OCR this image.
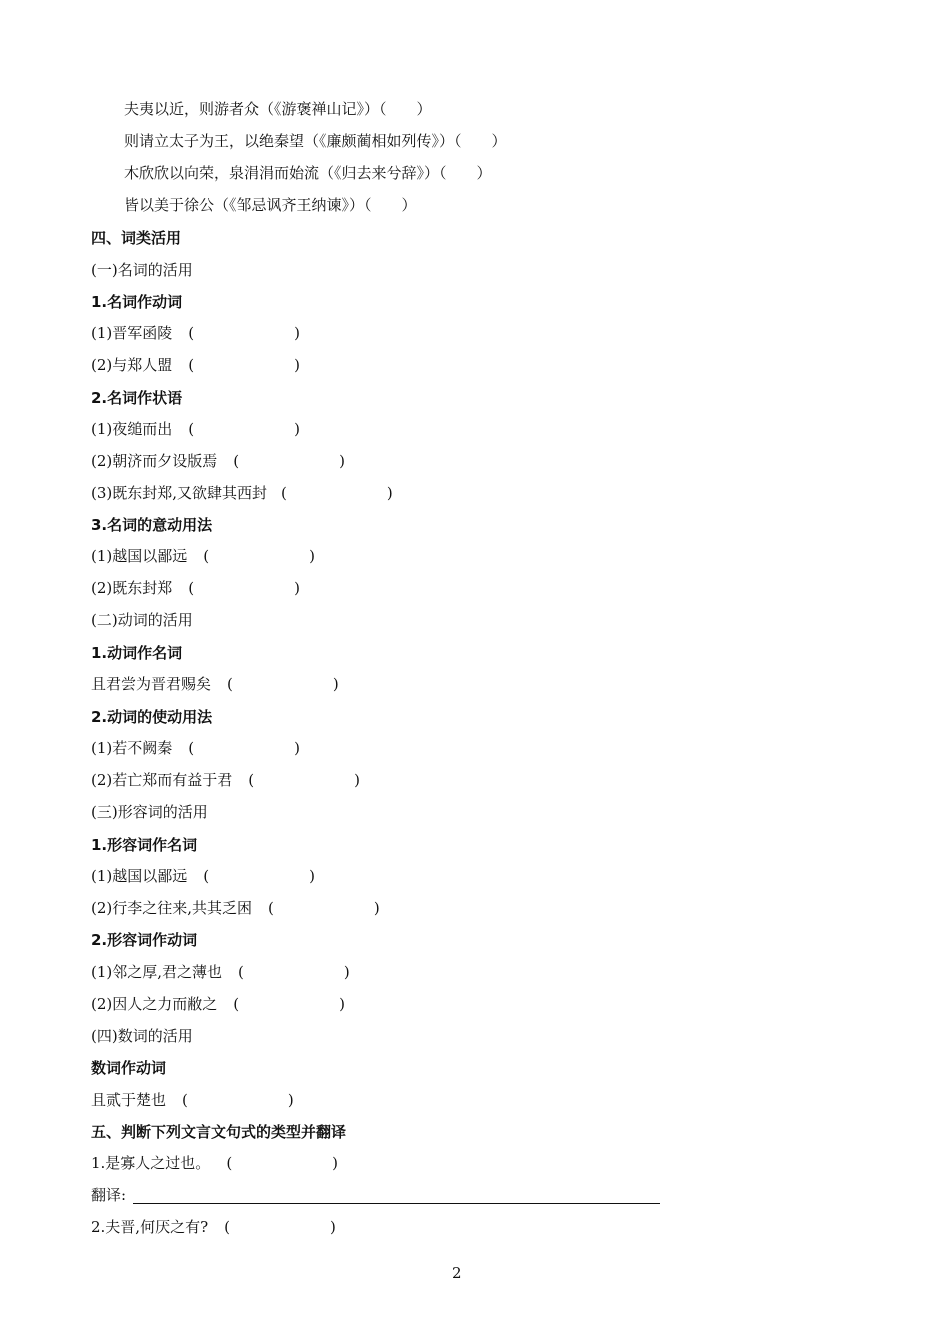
夫夷以近，则游者众（《游褒禅山记》）（　　）
则请立太子为王，以绝秦望（《廉颇蔺相如列传》）（　　）
木欣欣以向荣，泉涓涓而始流（《归去来兮辞》）（　　）
皆以美于徐公（《邹忌讽齐王纳谏》）（　　）
四、词类活用
(一)名词的活用
1.名词作动词
(1)晋军函陵 (	)
(2)与郑人盟 (	)
2.名词作状语
(1)夜缒而出 (	)
(2)朝济而夕设版焉 (	)
(3)既东封郑,又欲肆其西封 (	)
3.名词的意动用法
(1)越国以鄙远 (	)
(2)既东封郑 (	)
(二)动词的活用
1.动词作名词
且君尝为晋君赐矣 (	)
2.动词的使动用法
(1)若不阙秦 (	)
(2)若亡郑而有益于君 (	)
(三)形容词的活用
1.形容词作名词
(1)越国以鄙远 (	)
(2)行李之往来,共其乏困 (	)
2.形容词作动词
(1)邻之厚,君之薄也 (	)
(2)因人之力而敝之 (	)
(四)数词的活用
数词作动词
且贰于楚也 (	)
五、判断下列文言文句式的类型并翻译
1.是寡人之过也。 (	)
翻译:
2.夫晋,何厌之有? (	)
2
